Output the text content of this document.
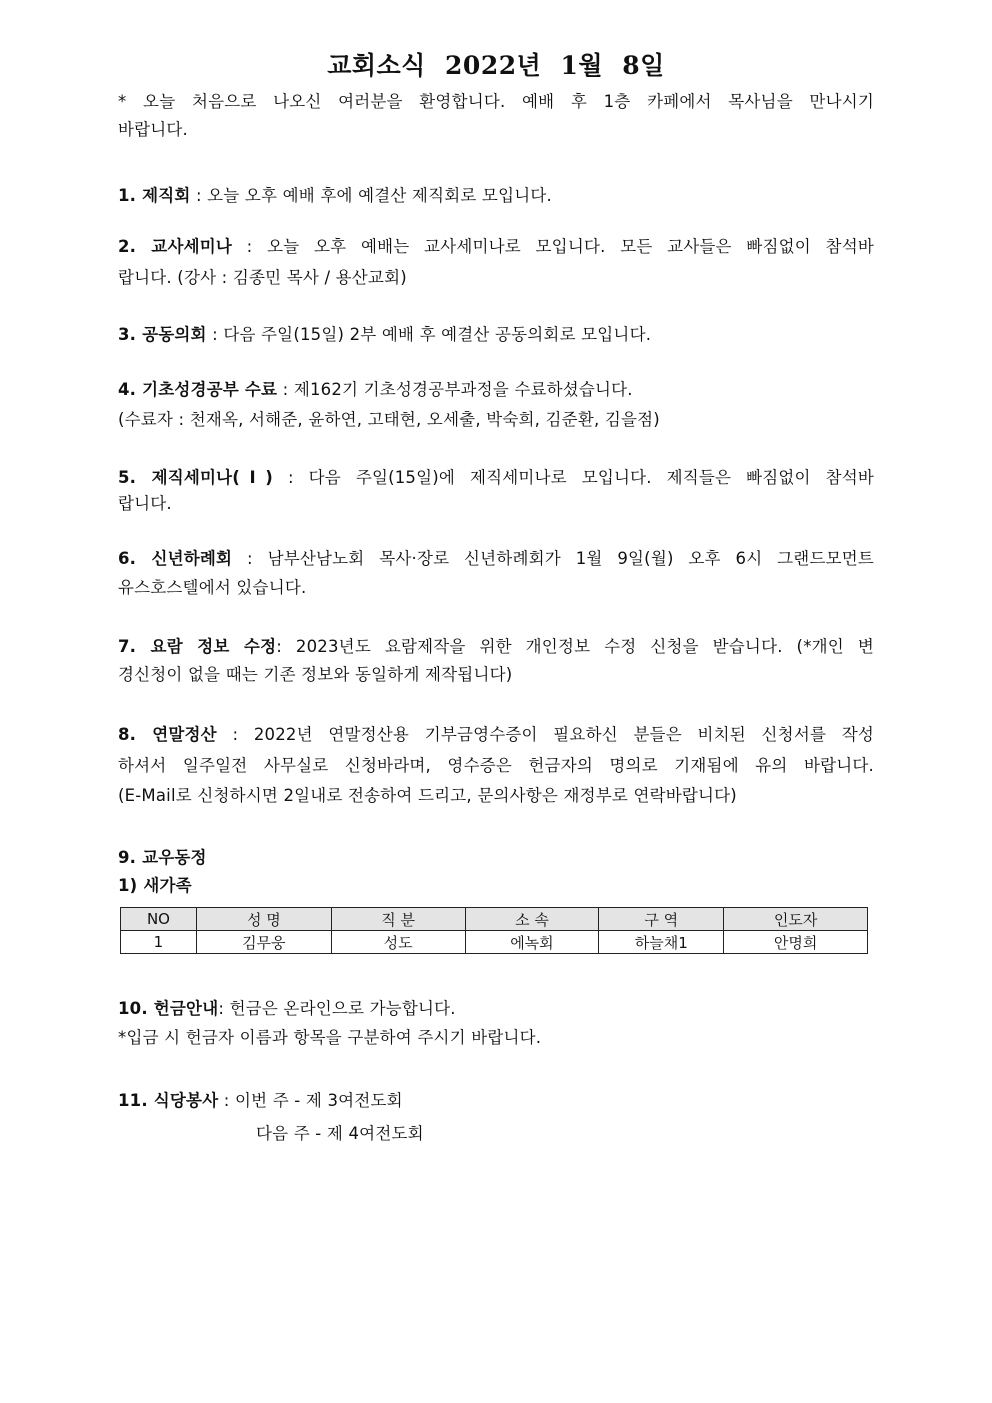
교회소식 2022년 1월 8일
* 오늘 처음으로 나오신 여러분을 환영합니다. 예배 후 1층 카페에서 목사님을 만나시기
바랍니다.
1. 제직회 : 오늘 오후 예배 후에 예결산 제직회로 모입니다.
2. 교사세미나 : 오늘 오후 예배는 교사세미나로 모입니다. 모든 교사들은 빠짐없이 참석바
랍니다. (강사 : 김종민 목사 / 용산교회)
3. 공동의회 : 다음 주일(15일) 2부 예배 후 예결산 공동의회로 모입니다.
4. 기초성경공부 수료 : 제162기 기초성경공부과정을 수료하셨습니다.
(수료자 : 천재옥, 서해준, 윤하연, 고태현, 오세출, 박숙희, 김준환, 김을점)
5. 제직세미나(Ⅰ) : 다음 주일(15일)에 제직세미나로 모입니다. 제직들은 빠짐없이 참석바
랍니다.
6. 신년하례회 : 남부산남노회 목사·장로 신년하례회가 1월 9일(월) 오후 6시 그랜드모먼트
유스호스텔에서 있습니다.
7. 요람 정보 수정: 2023년도 요람제작을 위한 개인정보 수정 신청을 받습니다. (*개인 변
경신청이 없을 때는 기존 정보와 동일하게 제작됩니다)
8. 연말정산 : 2022년 연말정산용 기부금영수증이 필요하신 분들은 비치된 신청서를 작성
하셔서 일주일전 사무실로 신청바라며, 영수증은 헌금자의 명의로 기재됨에 유의 바랍니다.
(E-Mail로 신청하시면 2일내로 전송하여 드리고, 문의사항은 재정부로 연락바랍니다)
9. 교우동정
1) 새가족
NO	성 명	직 분	소 속	구 역	인도자
1	김무웅	성도	에녹회	하늘채1	안명희
10. 헌금안내: 헌금은 온라인으로 가능합니다.
*입금 시 헌금자 이름과 항목을 구분하여 주시기 바랍니다.
11. 식당봉사 : 이번 주 - 제 3여전도회
다음 주 - 제 4여전도회
